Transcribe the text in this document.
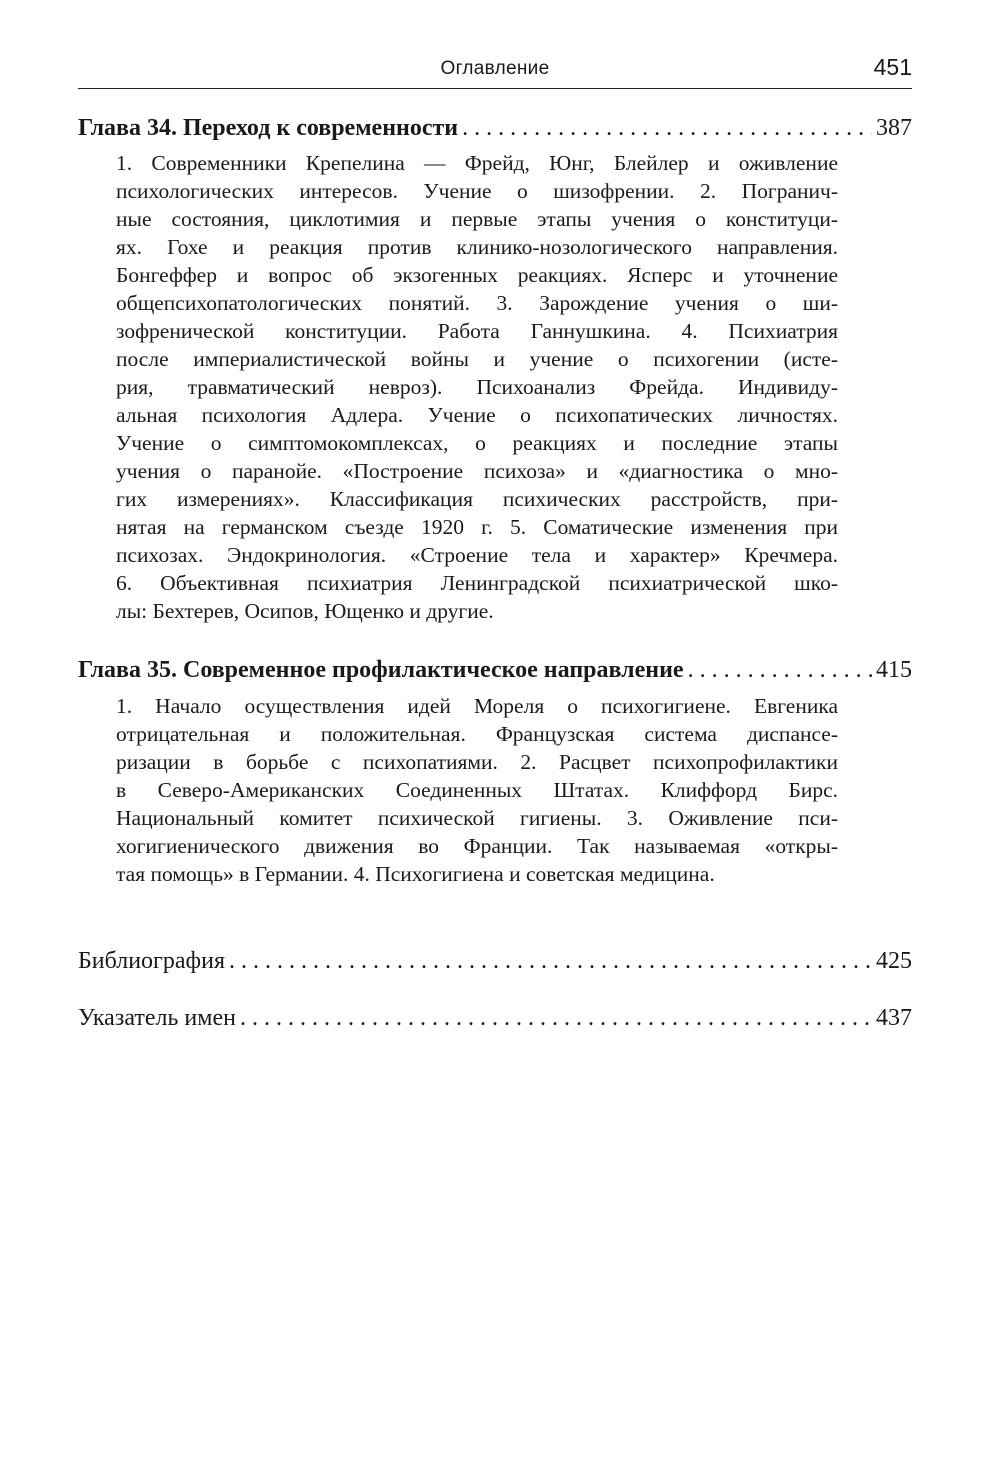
Оглавление	451
Глава 34. Переход к современности . . .	387
1. Современники Крепелина — Фрейд, Юнг, Блейлер и оживление
психологических интересов. Учение о шизофрении. 2. Погранич-
ные состояния, циклотимия и первые этапы учения о конституци-
ях. Гохе и реакция против клинико-нозологического направления.
Бонгеффер и вопрос об экзогенных реакциях. Ясперс и уточнение
общепсихопатологических понятий. 3. Зарождение учения о ши-
зофренической конституции. Работа Ганнушкина. 4. Психиатрия
после империалистической войны и учение о психогении (исте-
рия, травматический невроз). Психоанализ Фрейда. Индивиду-
альная психология Адлера. Учение о психопатических личностях.
Учение о симптомокомплексах, о реакциях и последние этапы
учения о паранойе. «Построение психоза» и «диагностика о мно-
гих измерениях». Классификация психических расстройств, при-
нятая на германском съезде 1920 г. 5. Соматические изменения при
психозах. Эндокринология. «Строение тела и характер» Кречмера.
6. Объективная психиатрия Ленинградской психиатрической шко-
лы: Бехтерев, Осипов, Ющенко и другие.
Глава 35. Современное профилактическое направление . . .	415
1. Начало осуществления идей Мореля о психогигиене. Евгеника
отрицательная и положительная. Французская система диспансе-
ризации в борьбе с психопатиями. 2. Расцвет психопрофилактики
в Северо-Американских Соединенных Штатах. Клиффорд Бирс.
Национальный комитет психической гигиены. 3. Оживление пси-
хогигиенического движения во Франции. Так называемая «откры-
тая помощь» в Германии. 4. Психогигиена и советская медицина.
Библиография . . .	425
Указатель имен . . .	437
